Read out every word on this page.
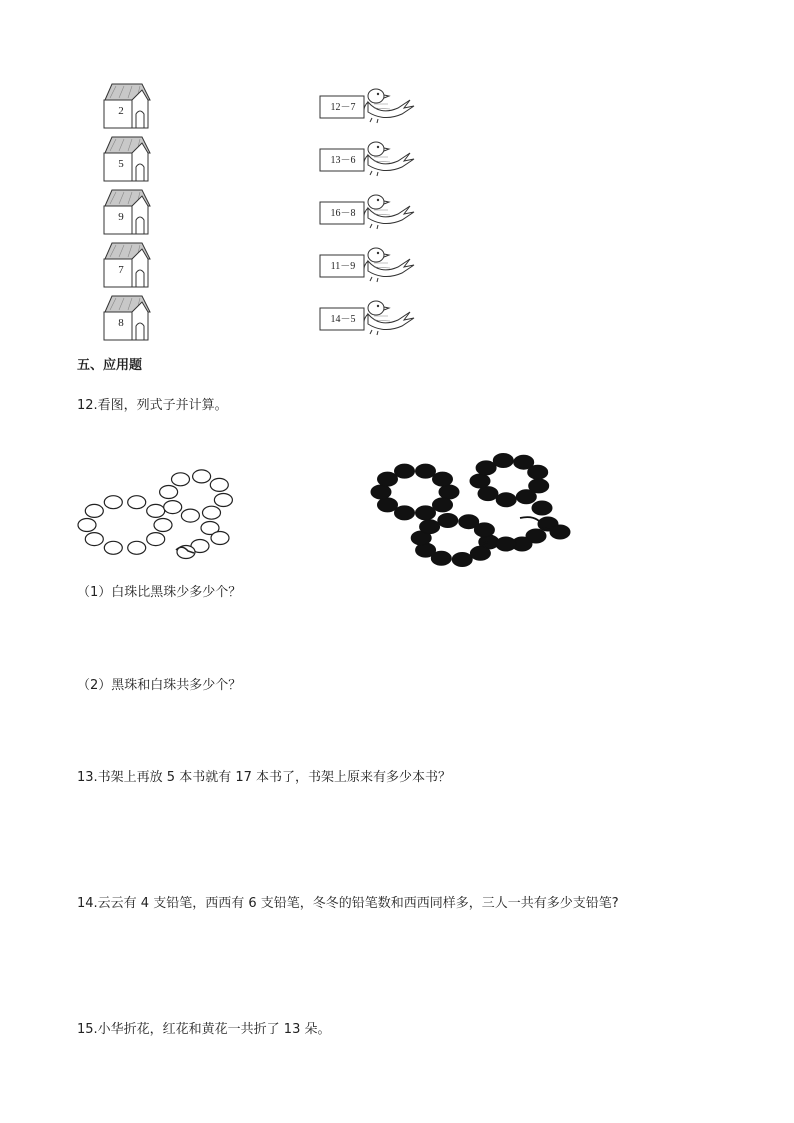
2
5
9
7
8
12－7
13－6
16－8
11－9
14－5
五、应用题
12.看图，列式子并计算。
（1）白珠比黑珠少多少个？
（2）黑珠和白珠共多少个？
13.书架上再放 5 本书就有 17 本书了，书架上原来有多少本书？
14.云云有 4 支铅笔，西西有 6 支铅笔，冬冬的铅笔数和西西同样多，三人一共有多少支铅笔?
15.小华折花，红花和黄花一共折了 13 朵。
